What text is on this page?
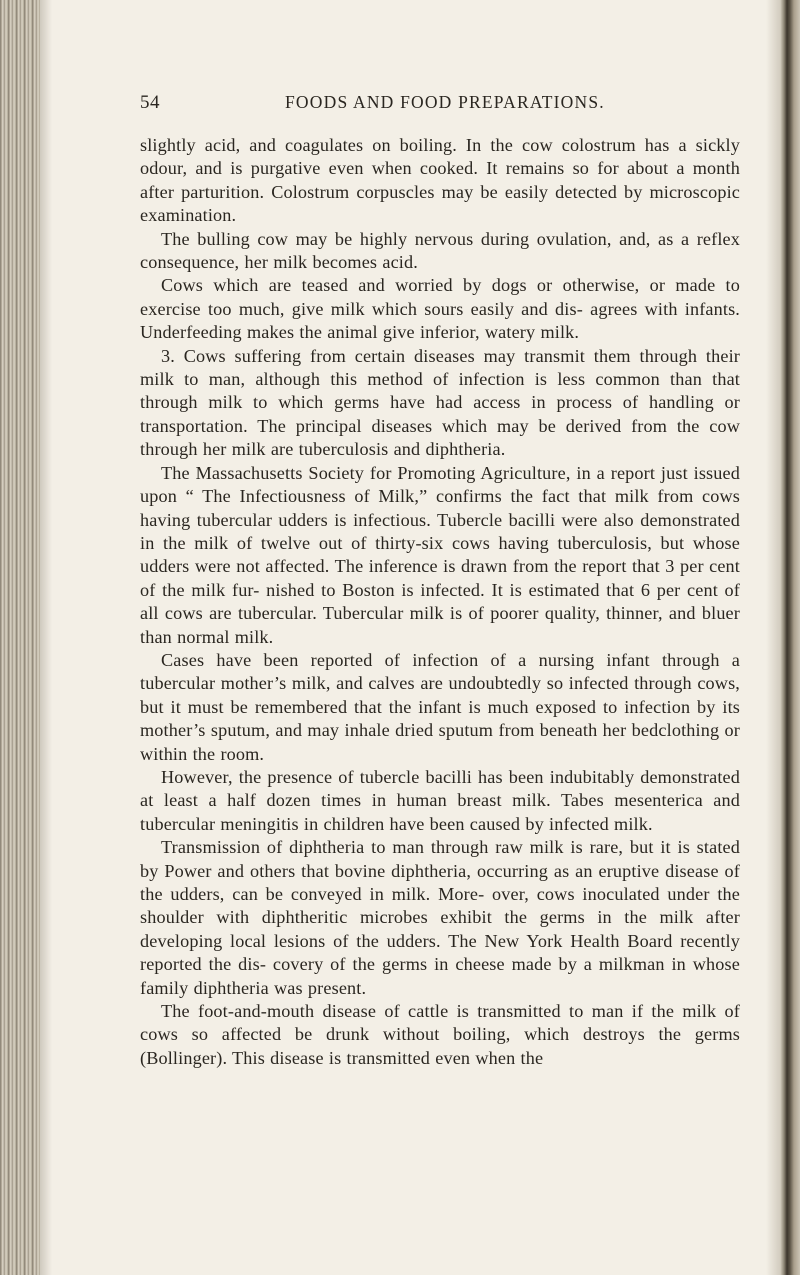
54	FOODS AND FOOD PREPARATIONS.

slightly acid, and coagulates on boiling. In the cow colostrum has a sickly odour, and is purgative even when cooked. It remains so for about a month after parturition. Colostrum corpuscles may be easily detected by microscopic examination.

The bulling cow may be highly nervous during ovulation, and, as a reflex consequence, her milk becomes acid.

Cows which are teased and worried by dogs or otherwise, or made to exercise too much, give milk which sours easily and dis- agrees with infants. Underfeeding makes the animal give inferior, watery milk.

3. Cows suffering from certain diseases may transmit them through their milk to man, although this method of infection is less common than that through milk to which germs have had access in process of handling or transportation. The principal diseases which may be derived from the cow through her milk are tuberculosis and diphtheria.

The Massachusetts Society for Promoting Agriculture, in a report just issued upon “ The Infectiousness of Milk,” confirms the fact that milk from cows having tubercular udders is infectious. Tubercle bacilli were also demonstrated in the milk of twelve out of thirty-six cows having tuberculosis, but whose udders were not affected. The inference is drawn from the report that 3 per cent of the milk fur- nished to Boston is infected. It is estimated that 6 per cent of all cows are tubercular. Tubercular milk is of poorer quality, thinner, and bluer than normal milk.

Cases have been reported of infection of a nursing infant through a tubercular mother’s milk, and calves are undoubtedly so infected through cows, but it must be remembered that the infant is much exposed to infection by its mother’s sputum, and may inhale dried sputum from beneath her bedclothing or within the room.

However, the presence of tubercle bacilli has been indubitably demonstrated at least a half dozen times in human breast milk. Tabes mesenterica and tubercular meningitis in children have been caused by infected milk.

Transmission of diphtheria to man through raw milk is rare, but it is stated by Power and others that bovine diphtheria, occurring as an eruptive disease of the udders, can be conveyed in milk. More- over, cows inoculated under the shoulder with diphtheritic microbes exhibit the germs in the milk after developing local lesions of the udders. The New York Health Board recently reported the dis- covery of the germs in cheese made by a milkman in whose family diphtheria was present.

The foot-and-mouth disease of cattle is transmitted to man if the milk of cows so affected be drunk without boiling, which destroys the germs (Bollinger). This disease is transmitted even when the
